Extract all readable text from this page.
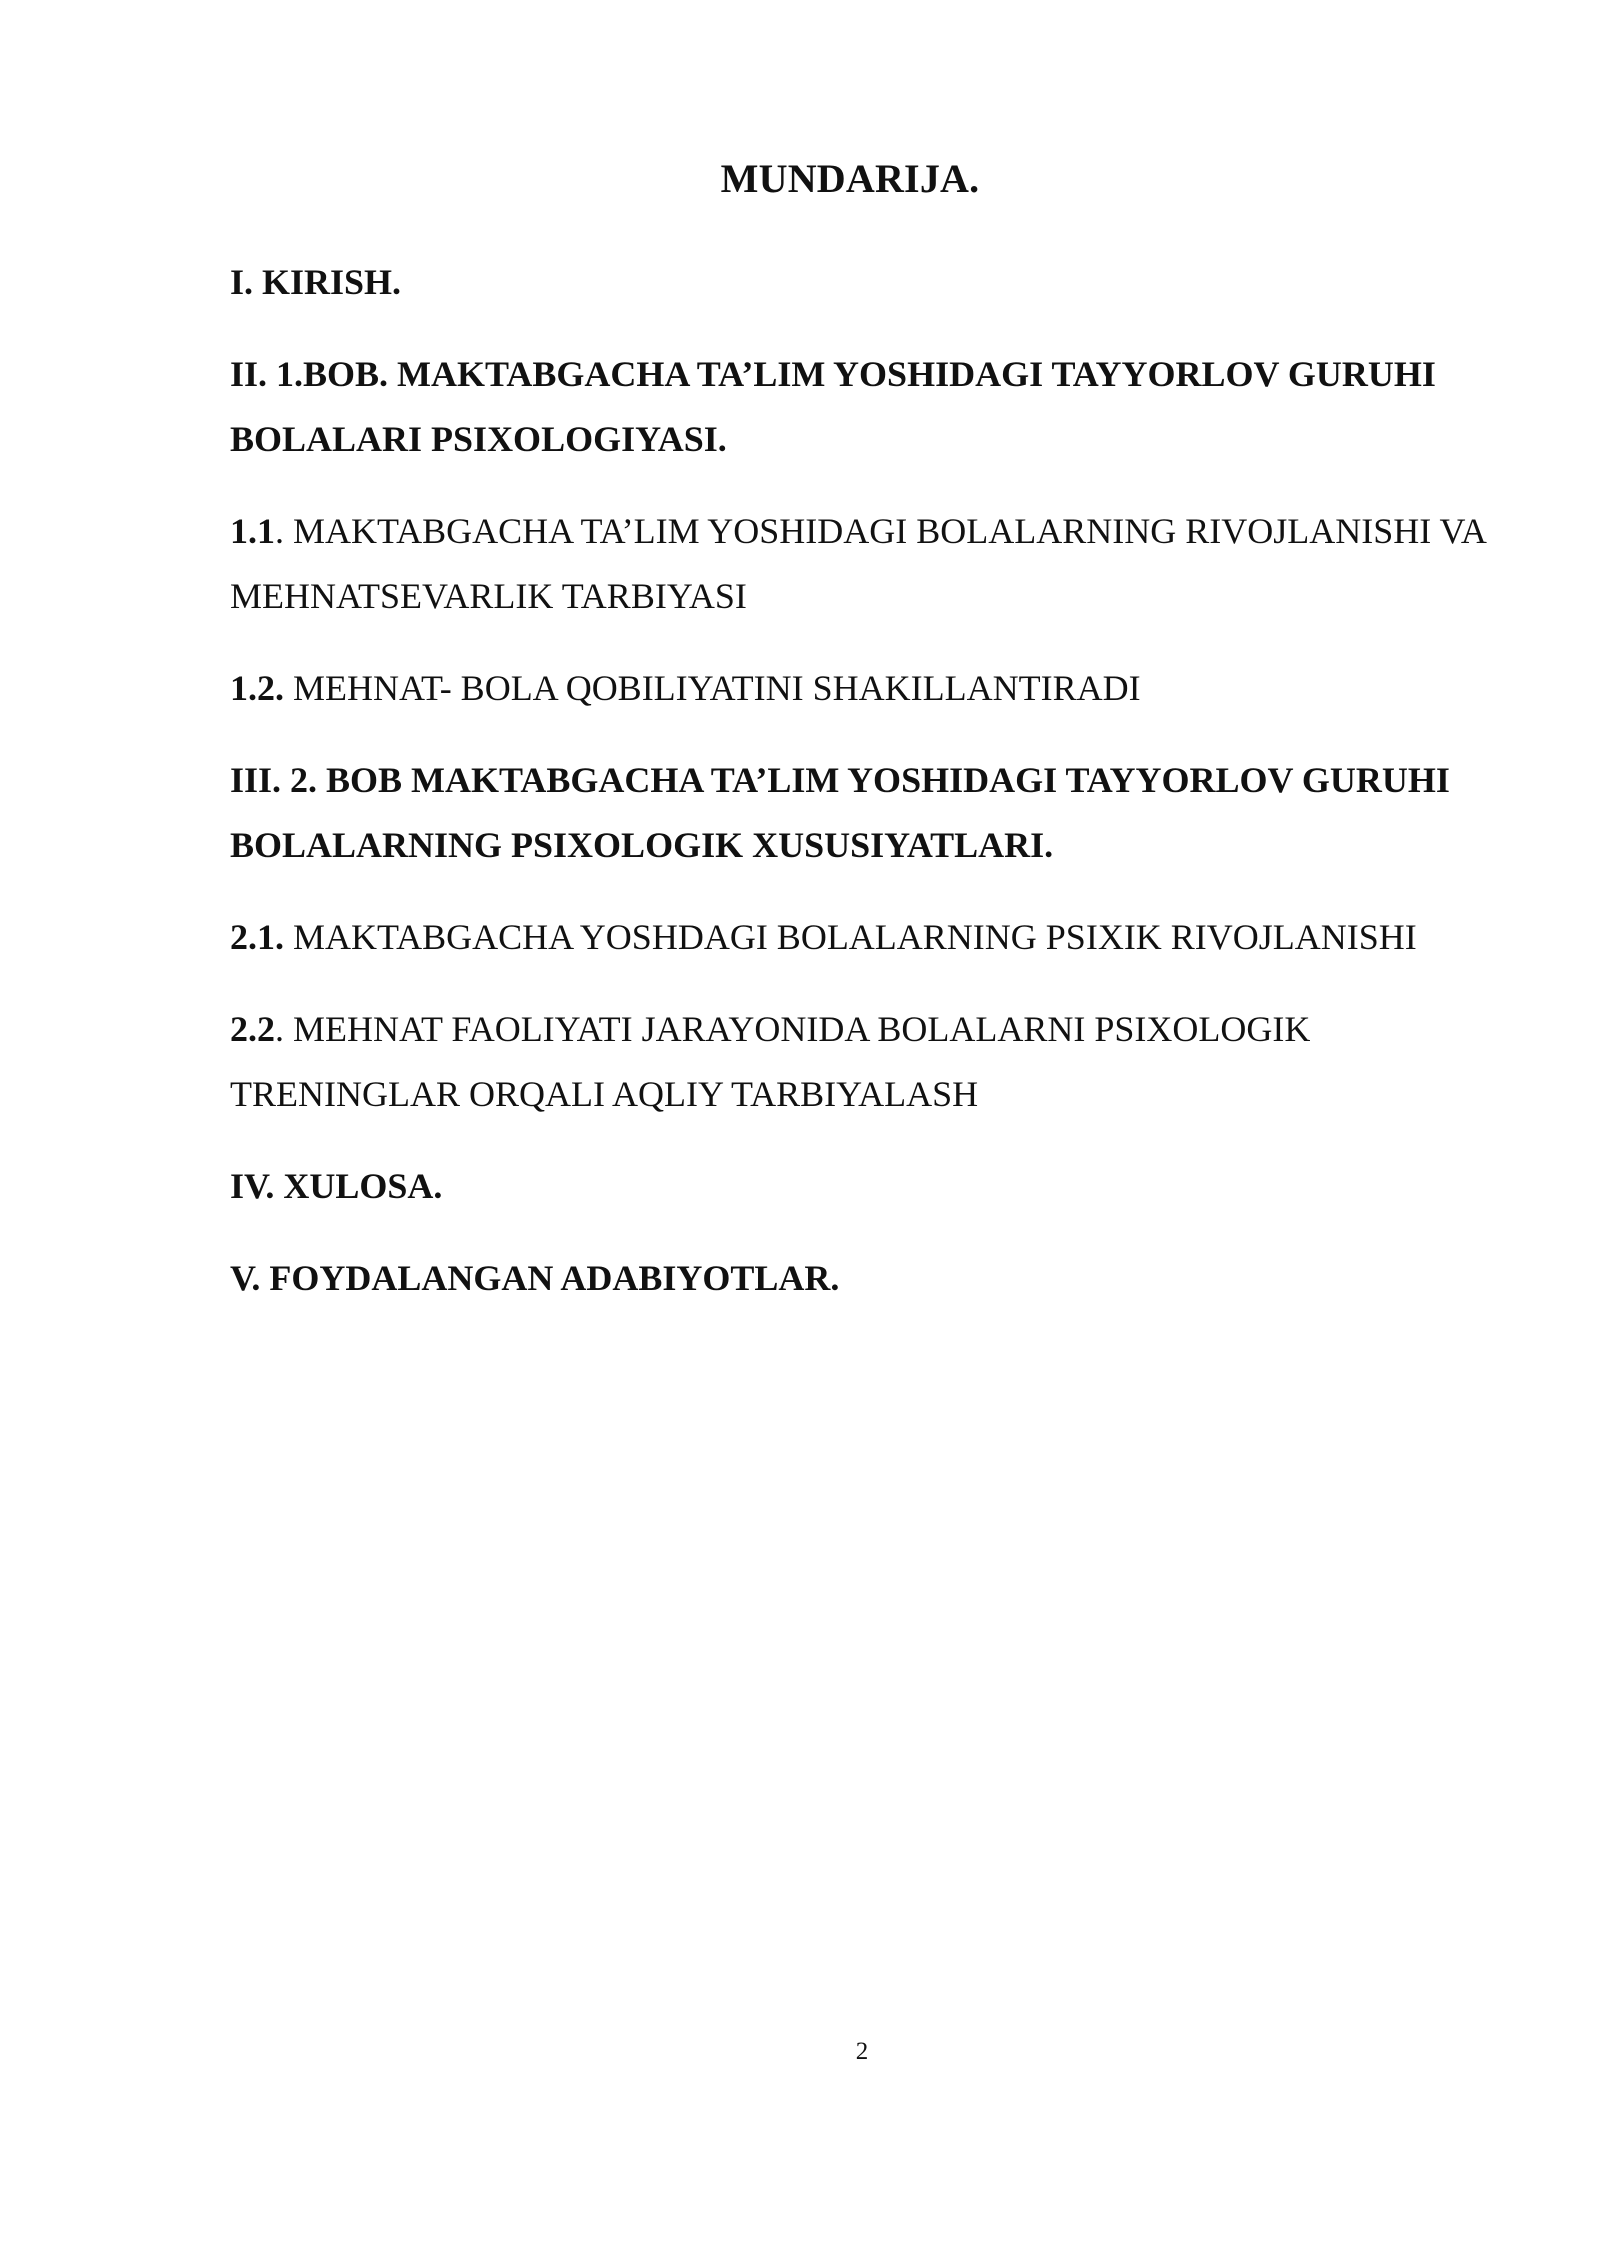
MUNDARIJA.
I. KIRISH.
II. 1.BOB. MAKTABGACHA TA’LIM YOSHIDAGI TAYYORLOV GURUHI BOLALARI PSIXOLOGIYASI.
1.1. MAKTABGACHA TA’LIM YOSHIDAGI BOLALARNING RIVOJLANISHI VA MEHNATSEVARLIK TARBIYASI
1.2. MEHNAT- BOLA QOBILIYATINI SHAKILLANTIRADI
III. 2. BOB MAKTABGACHA TA’LIM YOSHIDAGI TAYYORLOV GURUHI BOLALARNING PSIXOLOGIK XUSUSIYATLARI.
2.1. MAKTABGACHA YOSHDAGI BOLALARNING PSIXIK RIVOJLANISHI
2.2. MEHNAT FAOLIYATI JARAYONIDA BOLALARNI PSIXOLOGIK TRENINGLAR ORQALI AQLIY TARBIYALASH
IV. XULOSA.
V. FOYDALANGAN ADABIYOTLAR.
2
